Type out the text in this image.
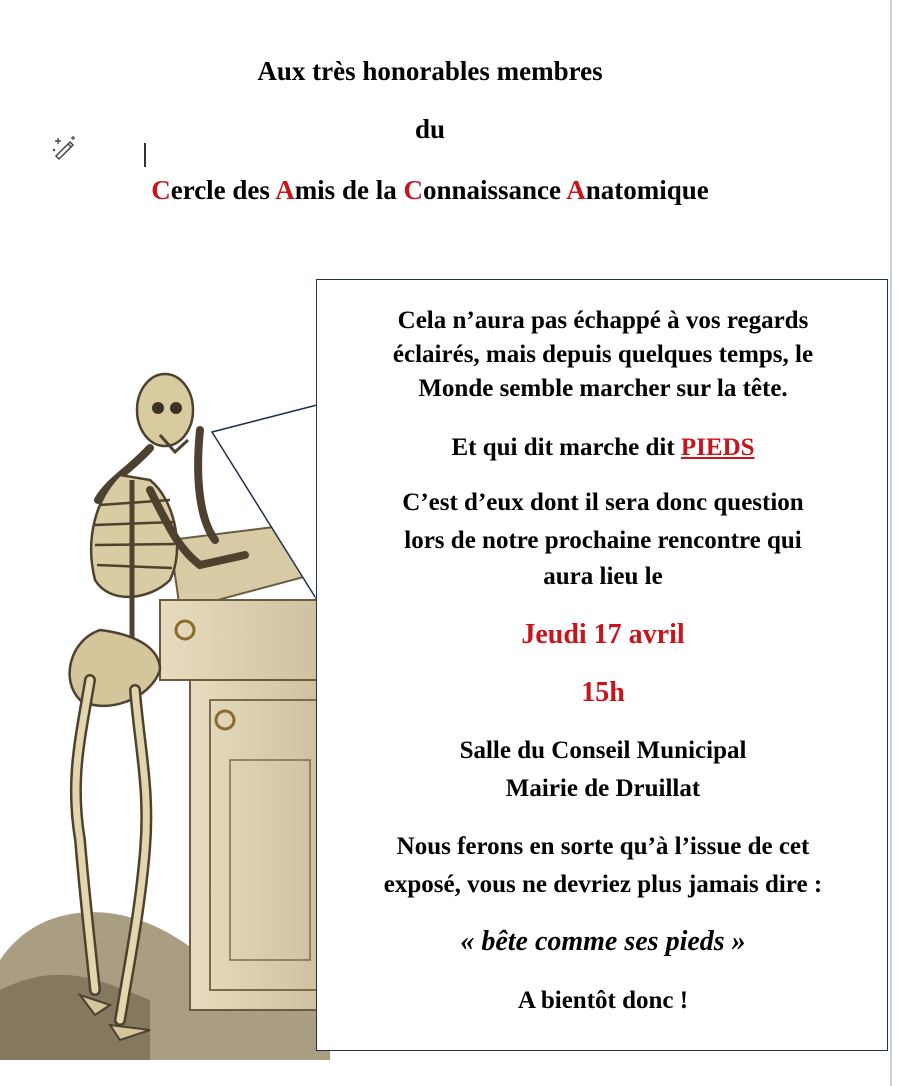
Aux très honorables membres
du
Cercle des Amis de la Connaissance Anatomique
Cela n’aura pas échappé à vos regards
éclairés, mais depuis quelques temps, le
Monde semble marcher sur la tête.
Et qui dit marche dit PIEDS
C’est d’eux dont il sera donc question
lors de notre prochaine rencontre qui
aura lieu le
Jeudi 17 avril
15h
Salle du Conseil Municipal
Mairie de Druillat
Nous ferons en sorte qu’à l’issue de cet
exposé, vous ne devriez plus jamais dire :
« bête comme ses pieds »
A bientôt donc !
